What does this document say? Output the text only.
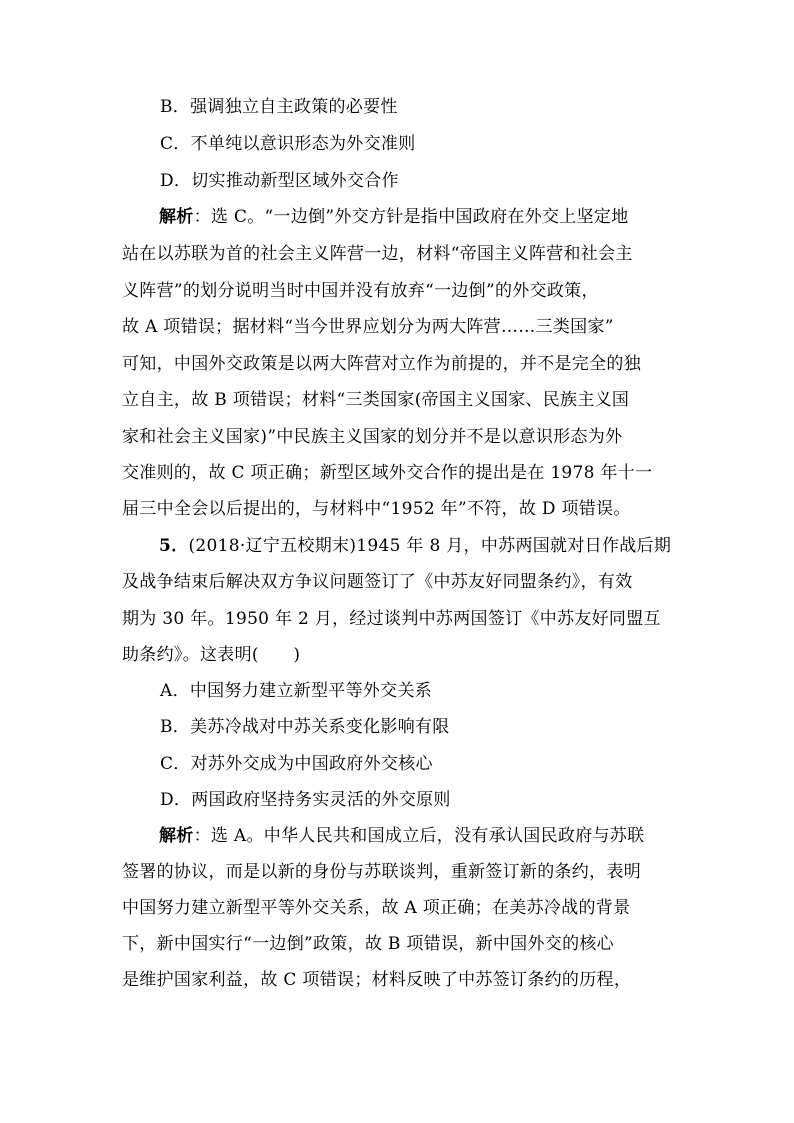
B．强调独立自主政策的必要性
C．不单纯以意识形态为外交准则
D．切实推动新型区域外交合作
解析：选 C。“一边倒”外交方针是指中国政府在外交上坚定地
站在以苏联为首的社会主义阵营一边，材料“帝国主义阵营和社会主
义阵营”的划分说明当时中国并没有放弃“一边倒”的外交政策，
故 A 项错误；据材料“当今世界应划分为两大阵营……三类国家”
可知，中国外交政策是以两大阵营对立作为前提的，并不是完全的独
立自主，故 B 项错误；材料“三类国家(帝国主义国家、民族主义国
家和社会主义国家)”中民族主义国家的划分并不是以意识形态为外
交准则的，故 C 项正确；新型区域外交合作的提出是在 1978 年十一
届三中全会以后提出的，与材料中“1952 年”不符，故 D 项错误。
5．(2018·辽宁五校期末)1945 年 8 月，中苏两国就对日作战后期
及战争结束后解决双方争议问题签订了《中苏友好同盟条约》，有效
期为 30 年。1950 年 2 月，经过谈判中苏两国签订《中苏友好同盟互
助条约》。这表明(　　)
A．中国努力建立新型平等外交关系
B．美苏冷战对中苏关系变化影响有限
C．对苏外交成为中国政府外交核心
D．两国政府坚持务实灵活的外交原则
解析：选 A。中华人民共和国成立后，没有承认国民政府与苏联
签署的协议，而是以新的身份与苏联谈判，重新签订新的条约，表明
中国努力建立新型平等外交关系，故 A 项正确；在美苏冷战的背景
下，新中国实行“一边倒”政策，故 B 项错误，新中国外交的核心
是维护国家利益，故 C 项错误；材料反映了中苏签订条约的历程，
